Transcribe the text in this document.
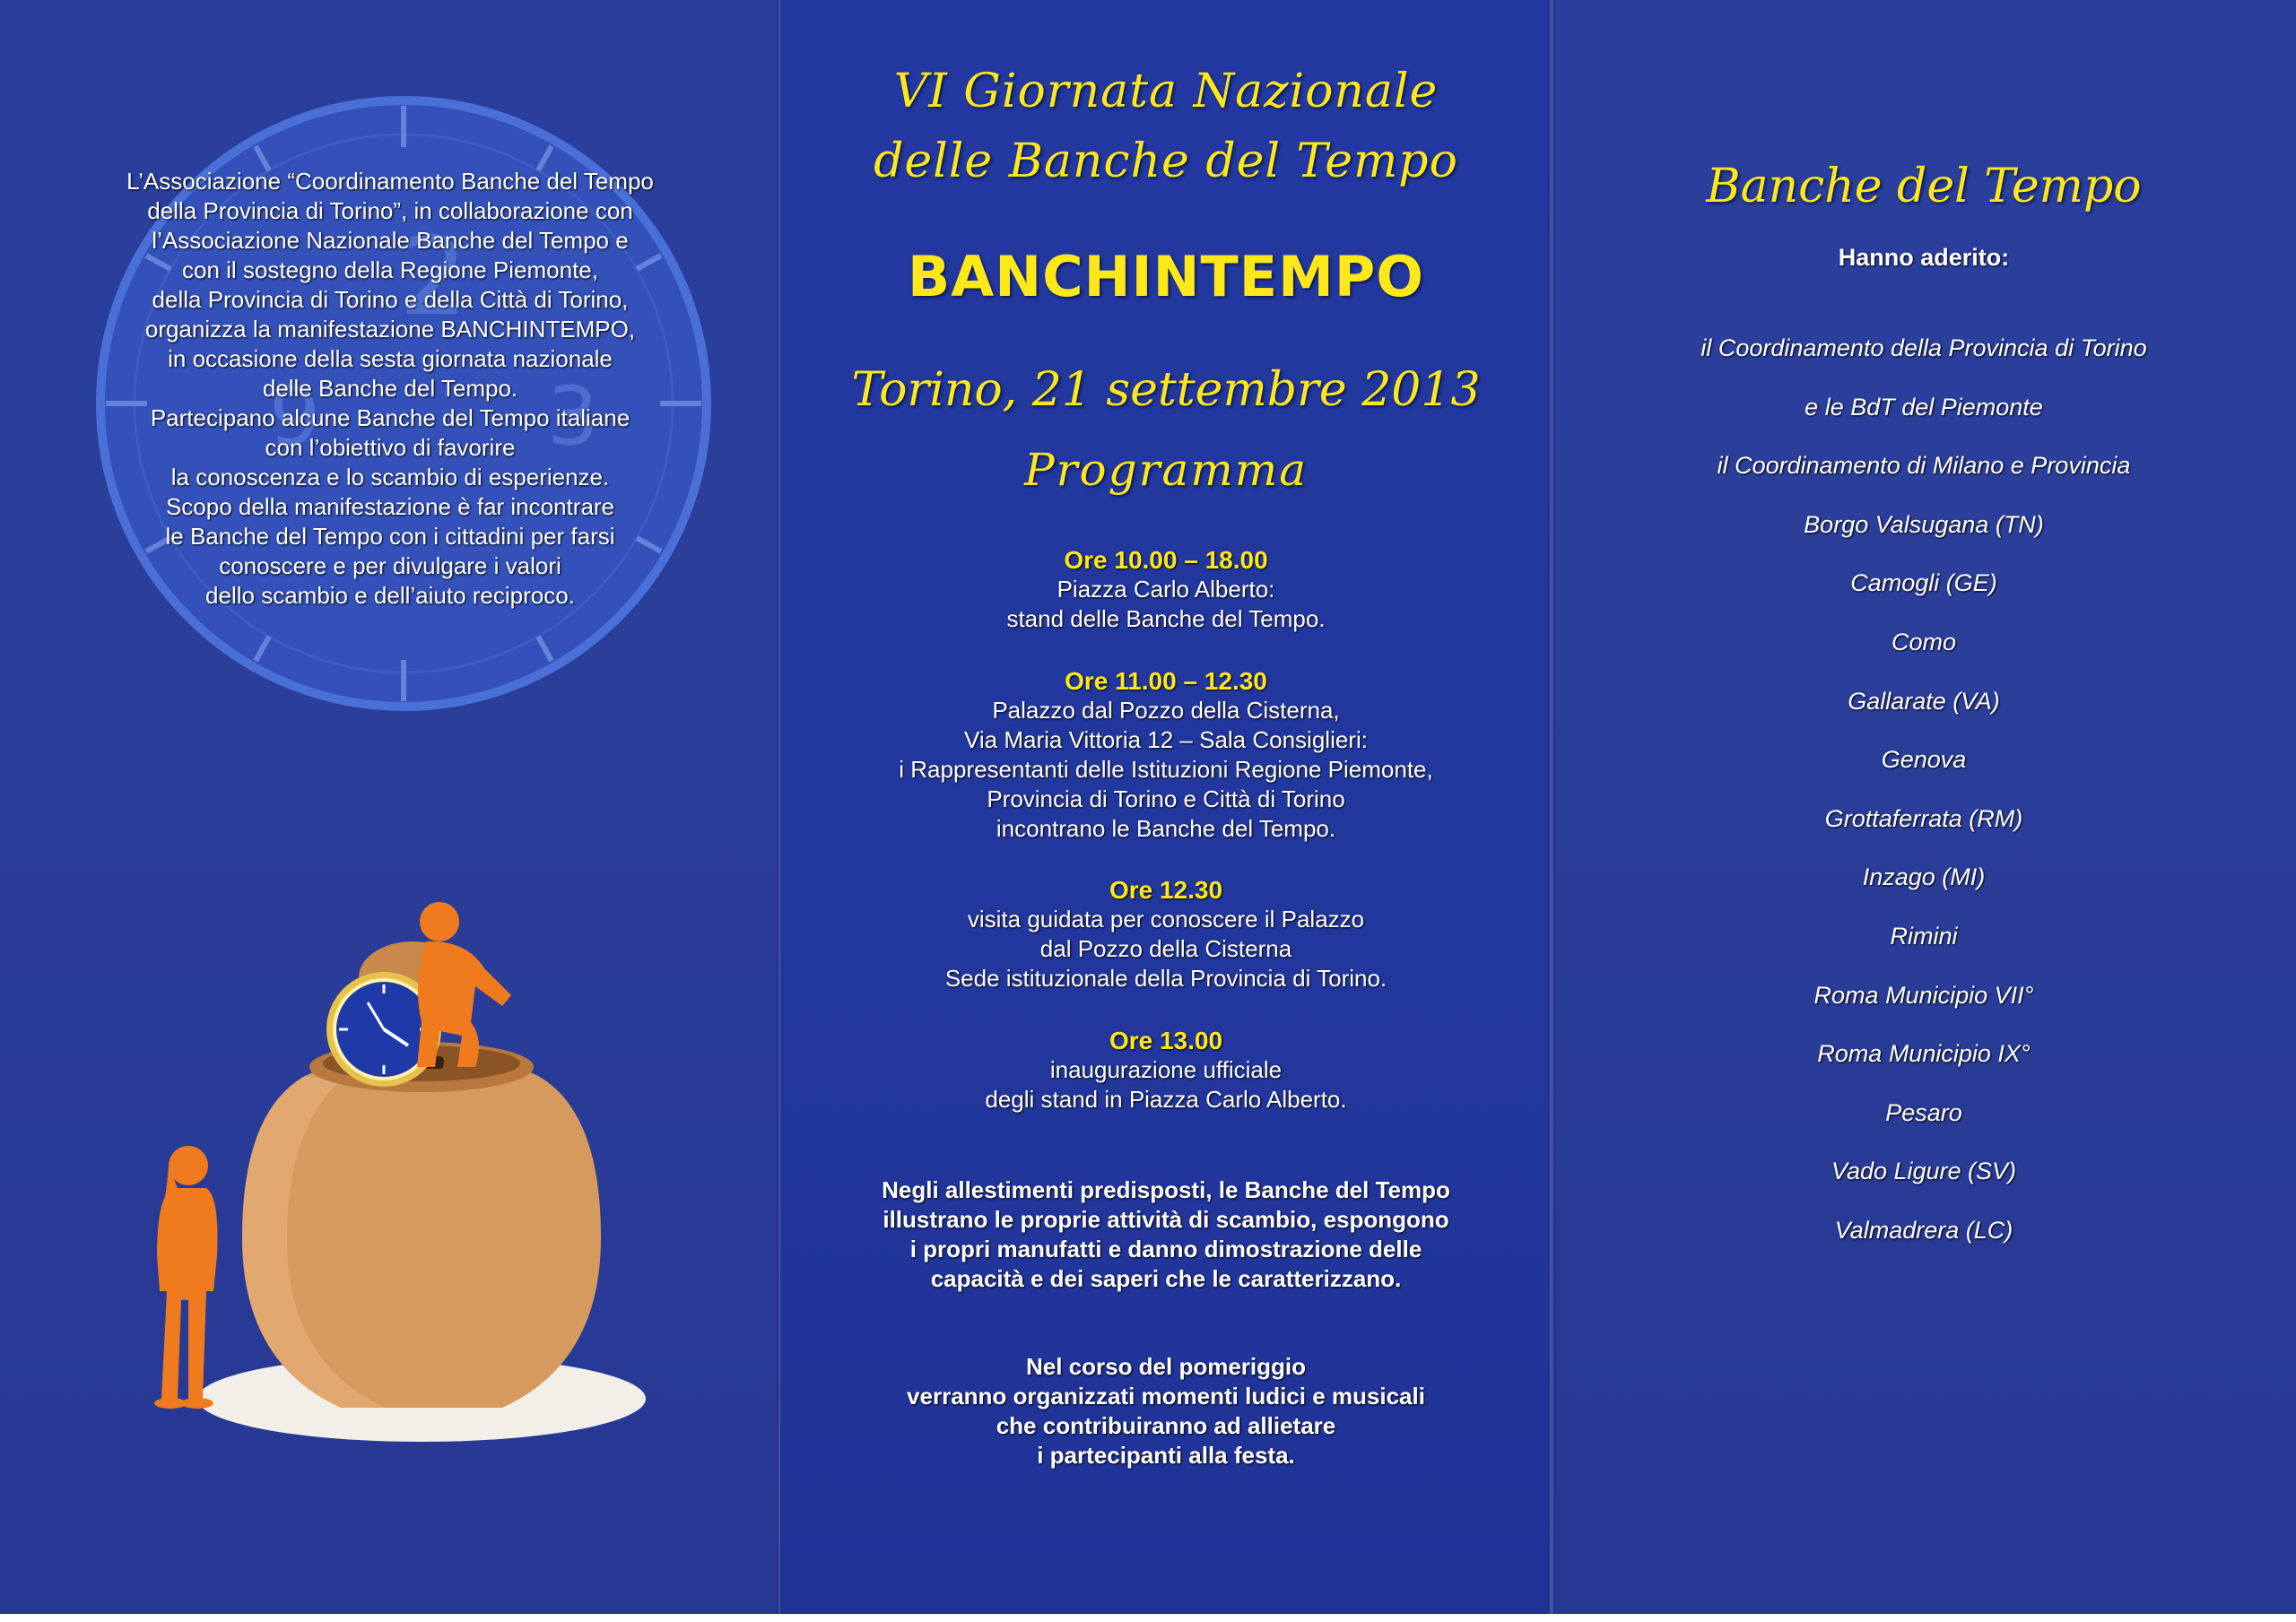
2
9	3
L’Associazione “Coordinamento Banche del Tempo
della Provincia di Torino”, in collaborazione con
l’Associazione Nazionale Banche del Tempo e
con il sostegno della Regione Piemonte,
della Provincia di Torino e della Città di Torino,
organizza la manifestazione BANCHINTEMPO,
in occasione della sesta giornata nazionale
delle Banche del Tempo.
Partecipano alcune Banche del Tempo italiane
con l’obiettivo di favorire
la conoscenza e lo scambio di esperienze.
Scopo della manifestazione è far incontrare
le Banche del Tempo con i cittadini per farsi
conoscere e per divulgare i valori
dello scambio e dell’aiuto reciproco.
VI Giornata Nazionale
delle Banche del Tempo
BANCHINTEMPO
Torino, 21 settembre 2013
Programma
Ore 10.00 – 18.00
Piazza Carlo Alberto:
stand delle Banche del Tempo.
Ore 11.00 – 12.30
Palazzo dal Pozzo della Cisterna,
Via Maria Vittoria 12 – Sala Consiglieri:
i Rappresentanti delle Istituzioni Regione Piemonte,
Provincia di Torino e Città di Torino
incontrano le Banche del Tempo.
Ore 12.30
visita guidata per conoscere il Palazzo
dal Pozzo della Cisterna
Sede istituzionale della Provincia di Torino.
Ore 13.00
inaugurazione ufficiale
degli stand in Piazza Carlo Alberto.
Negli allestimenti predisposti, le Banche del Tempo
illustrano le proprie attività di scambio, espongono
i propri manufatti e danno dimostrazione delle
capacità e dei saperi che le caratterizzano.
Nel corso del pomeriggio
verranno organizzati momenti ludici e musicali
che contribuiranno ad allietare
i partecipanti alla festa.
Banche del Tempo
Hanno aderito:
il Coordinamento della Provincia di Torino
e le BdT del Piemonte
il Coordinamento di Milano e Provincia
Borgo Valsugana (TN)
Camogli (GE)
Como
Gallarate (VA)
Genova
Grottaferrata (RM)
Inzago (MI)
Rimini
Roma Municipio VII°
Roma Municipio IX°
Pesaro
Vado Ligure (SV)
Valmadrera (LC)
